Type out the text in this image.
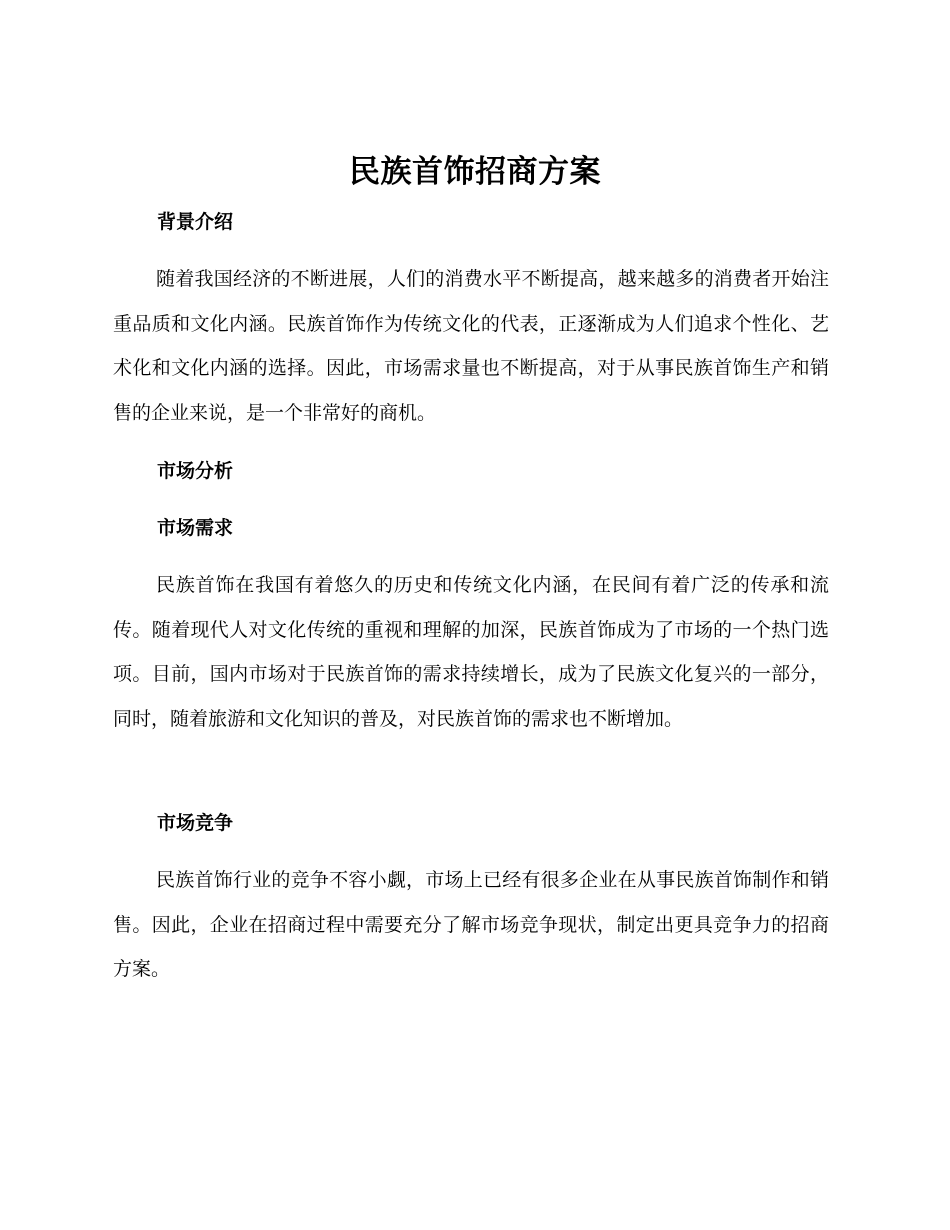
民族首饰招商方案
背景介绍

随着我国经济的不断进展，人们的消费水平不断提高，越来越多的消费者开始注重品质和文化内涵。民族首饰作为传统文化的代表，正逐渐成为人们追求个性化、艺术化和文化内涵的选择。因此，市场需求量也不断提高，对于从事民族首饰生产和销售的企业来说，是一个非常好的商机。

市场分析
市场需求

民族首饰在我国有着悠久的历史和传统文化内涵，在民间有着广泛的传承和流传。随着现代人对文化传统的重视和理解的加深，民族首饰成为了市场的一个热门选项。目前，国内市场对于民族首饰的需求持续增长，成为了民族文化复兴的一部分，同时，随着旅游和文化知识的普及，对民族首饰的需求也不断增加。

市场竞争

民族首饰行业的竞争不容小觑，市场上已经有很多企业在从事民族首饰制作和销售。因此，企业在招商过程中需要充分了解市场竞争现状，制定出更具竞争力的招商方案。
